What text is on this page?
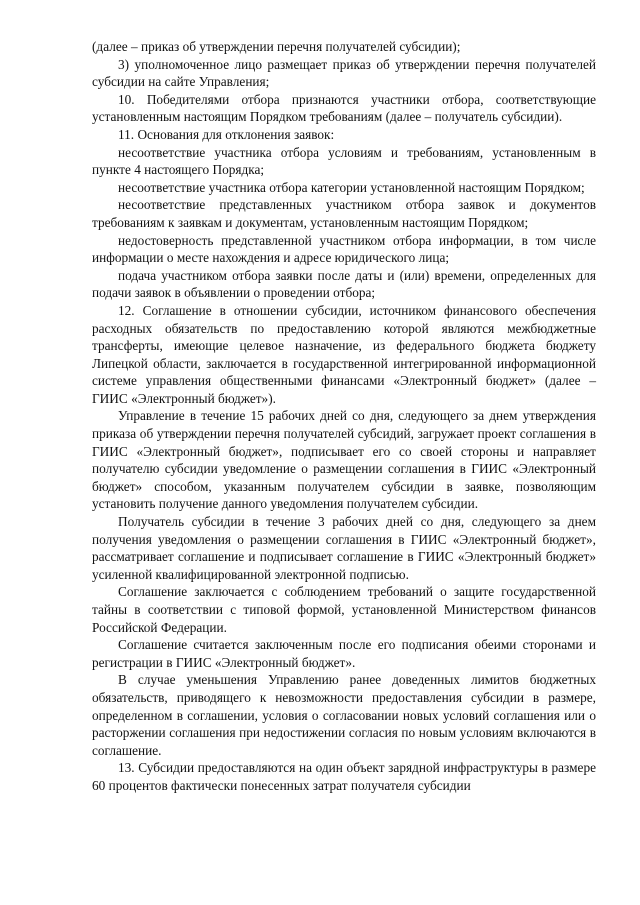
(далее – приказ об утверждении перечня получателей субсидии);

3) уполномоченное лицо размещает приказ об утверждении перечня получателей субсидии на сайте Управления;

10. Победителями отбора признаются участники отбора, соответствующие установленным настоящим Порядком требованиям (далее – получатель субсидии).

11. Основания для отклонения заявок:

несоответствие участника отбора условиям и требованиям, установленным в пункте 4 настоящего Порядка;

несоответствие участника отбора категории установленной настоящим Порядком;

несоответствие представленных участником отбора заявок и документов требованиям к заявкам и документам, установленным настоящим Порядком;

недостоверность представленной участником отбора информации, в том числе информации о месте нахождения и адресе юридического лица;

подача участником отбора заявки после даты и (или) времени, определенных для подачи заявок в объявлении о проведении отбора;

12. Соглашение в отношении субсидии, источником финансового обеспечения расходных обязательств по предоставлению которой являются межбюджетные трансферты, имеющие целевое назначение, из федерального бюджета бюджету Липецкой области, заключается в государственной интегрированной информационной системе управления общественными финансами «Электронный бюджет» (далее – ГИИС «Электронный бюджет»).

Управление в течение 15 рабочих дней со дня, следующего за днем утверждения приказа об утверждении перечня получателей субсидий, загружает проект соглашения в ГИИС «Электронный бюджет», подписывает его со своей стороны и направляет получателю субсидии уведомление о размещении соглашения в ГИИС «Электронный бюджет» способом, указанным получателем субсидии в заявке, позволяющим установить получение данного уведомления получателем субсидии.

Получатель субсидии в течение 3 рабочих дней со дня, следующего за днем получения уведомления о размещении соглашения в ГИИС «Электронный бюджет», рассматривает соглашение и подписывает соглашение в ГИИС «Электронный бюджет» усиленной квалифицированной электронной подписью.

Соглашение заключается с соблюдением требований о защите государственной тайны в соответствии с типовой формой, установленной Министерством финансов Российской Федерации.

Соглашение считается заключенным после его подписания обеими сторонами и регистрации в ГИИС «Электронный бюджет».

В случае уменьшения Управлению ранее доведенных лимитов бюджетных обязательств, приводящего к невозможности предоставления субсидии в размере, определенном в соглашении, условия о согласовании новых условий соглашения или о расторжении соглашения при недостижении согласия по новым условиям включаются в соглашение.

13. Субсидии предоставляются на один объект зарядной инфраструктуры в размере 60 процентов фактически понесенных затрат получателя субсидии
